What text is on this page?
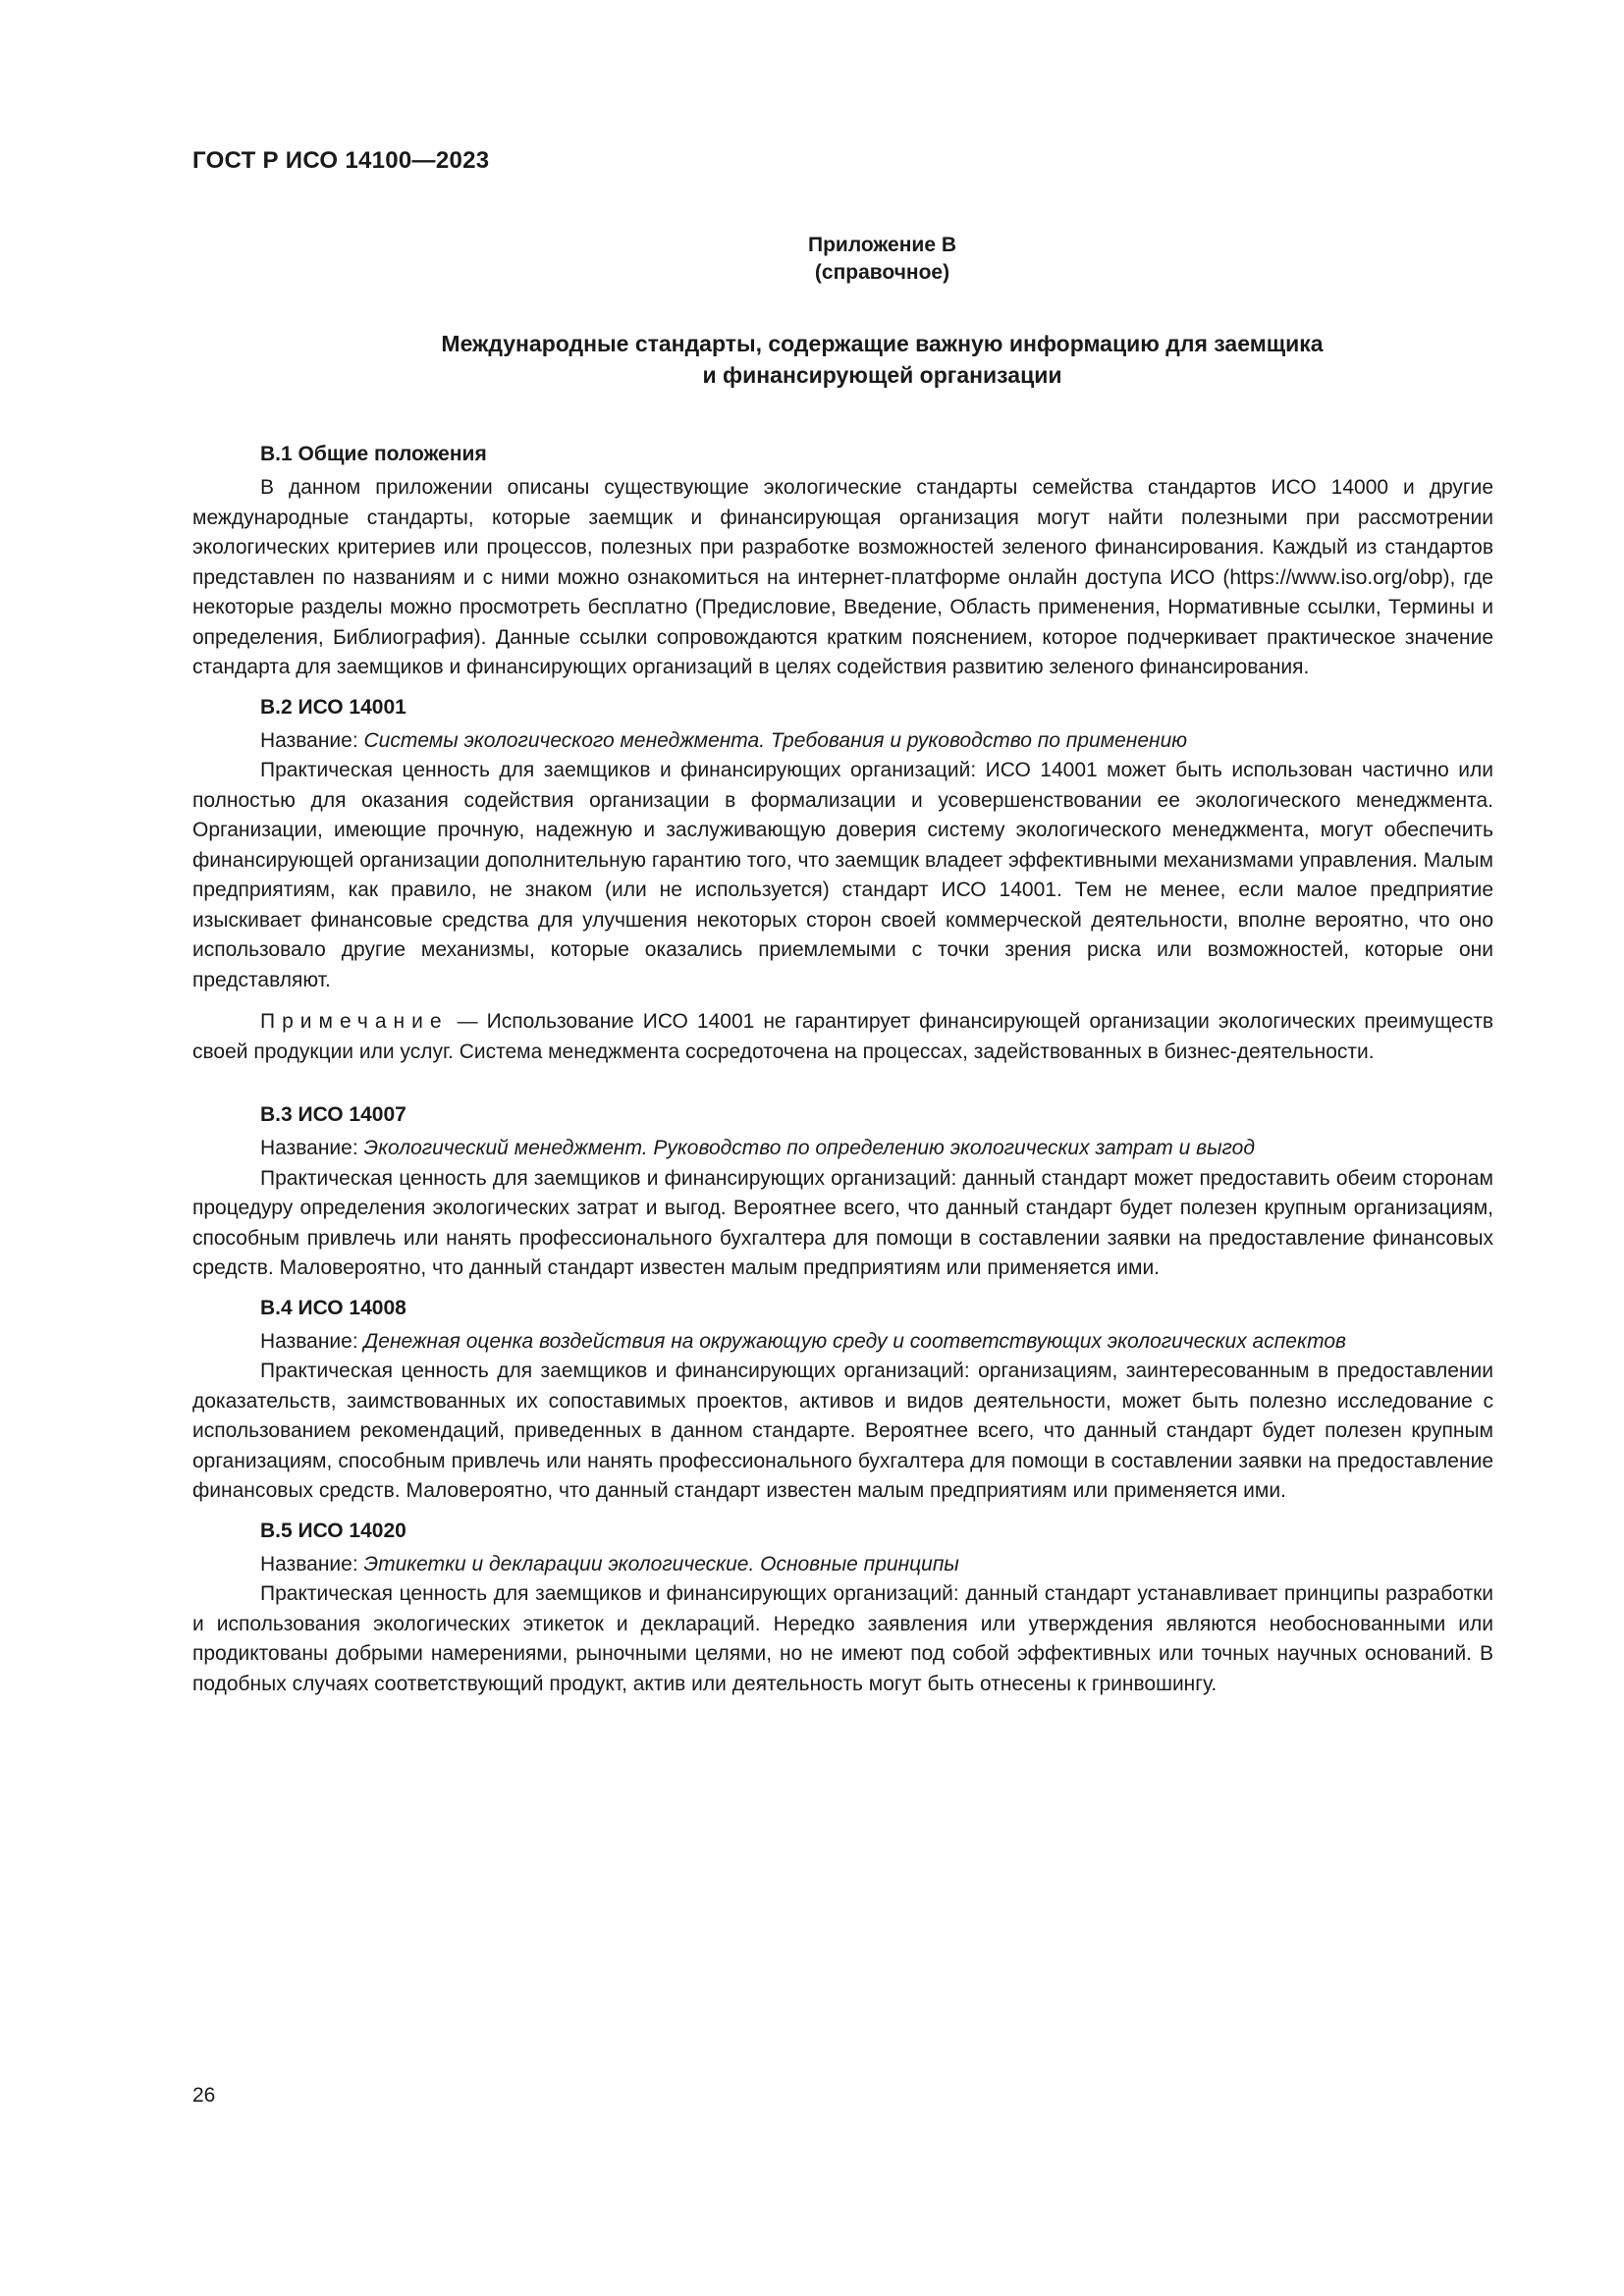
ГОСТ Р ИСО 14100—2023
Приложение В
(справочное)
Международные стандарты, содержащие важную информацию для заемщика
и финансирующей организации
В.1 Общие положения

В данном приложении описаны существующие экологические стандарты семейства стандартов ИСО 14000 и другие международные стандарты, которые заемщик и финансирующая организация могут найти полезными при рассмотрении экологических критериев или процессов, полезных при разработке возможностей зеленого финансирования. Каждый из стандартов представлен по названиям и с ними можно ознакомиться на интернет-платформе онлайн доступа ИСО (https://www.iso.org/obp), где некоторые разделы можно просмотреть бесплатно (Предисловие, Введение, Область применения, Нормативные ссылки, Термины и определения, Библиография). Данные ссылки сопровождаются кратким пояснением, которое подчеркивает практическое значение стандарта для заемщиков и финансирующих организаций в целях содействия развитию зеленого финансирования.

В.2 ИСО 14001

Название: Системы экологического менеджмента. Требования и руководство по применению

Практическая ценность для заемщиков и финансирующих организаций: ИСО 14001 может быть использован частично или полностью для оказания содействия организации в формализации и усовершенствовании ее экологического менеджмента. Организации, имеющие прочную, надежную и заслуживающую доверия систему экологического менеджмента, могут обеспечить финансирующей организации дополнительную гарантию того, что заемщик владеет эффективными механизмами управления. Малым предприятиям, как правило, не знаком (или не используется) стандарт ИСО 14001. Тем не менее, если малое предприятие изыскивает финансовые средства для улучшения некоторых сторон своей коммерческой деятельности, вполне вероятно, что оно использовало другие механизмы, которые оказались приемлемыми с точки зрения риска или возможностей, которые они представляют.

Примечание — Использование ИСО 14001 не гарантирует финансирующей организации экологических преимуществ своей продукции или услуг. Система менеджмента сосредоточена на процессах, задействованных в бизнес-деятельности.

В.3 ИСО 14007

Название: Экологический менеджмент. Руководство по определению экологических затрат и выгод

Практическая ценность для заемщиков и финансирующих организаций: данный стандарт может предоставить обеим сторонам процедуру определения экологических затрат и выгод. Вероятнее всего, что данный стандарт будет полезен крупным организациям, способным привлечь или нанять профессионального бухгалтера для помощи в составлении заявки на предоставление финансовых средств. Маловероятно, что данный стандарт известен малым предприятиям или применяется ими.

В.4 ИСО 14008

Название: Денежная оценка воздействия на окружающую среду и соответствующих экологических аспектов

Практическая ценность для заемщиков и финансирующих организаций: организациям, заинтересованным в предоставлении доказательств, заимствованных их сопоставимых проектов, активов и видов деятельности, может быть полезно исследование с использованием рекомендаций, приведенных в данном стандарте. Вероятнее всего, что данный стандарт будет полезен крупным организациям, способным привлечь или нанять профессионального бухгалтера для помощи в составлении заявки на предоставление финансовых средств. Маловероятно, что данный стандарт известен малым предприятиям или применяется ими.

В.5 ИСО 14020

Название: Этикетки и декларации экологические. Основные принципы

Практическая ценность для заемщиков и финансирующих организаций: данный стандарт устанавливает принципы разработки и использования экологических этикеток и деклараций. Нередко заявления или утверждения являются необоснованными или продиктованы добрыми намерениями, рыночными целями, но не имеют под собой эффективных или точных научных оснований. В подобных случаях соответствующий продукт, актив или деятельность могут быть отнесены к гринвошингу.

26
